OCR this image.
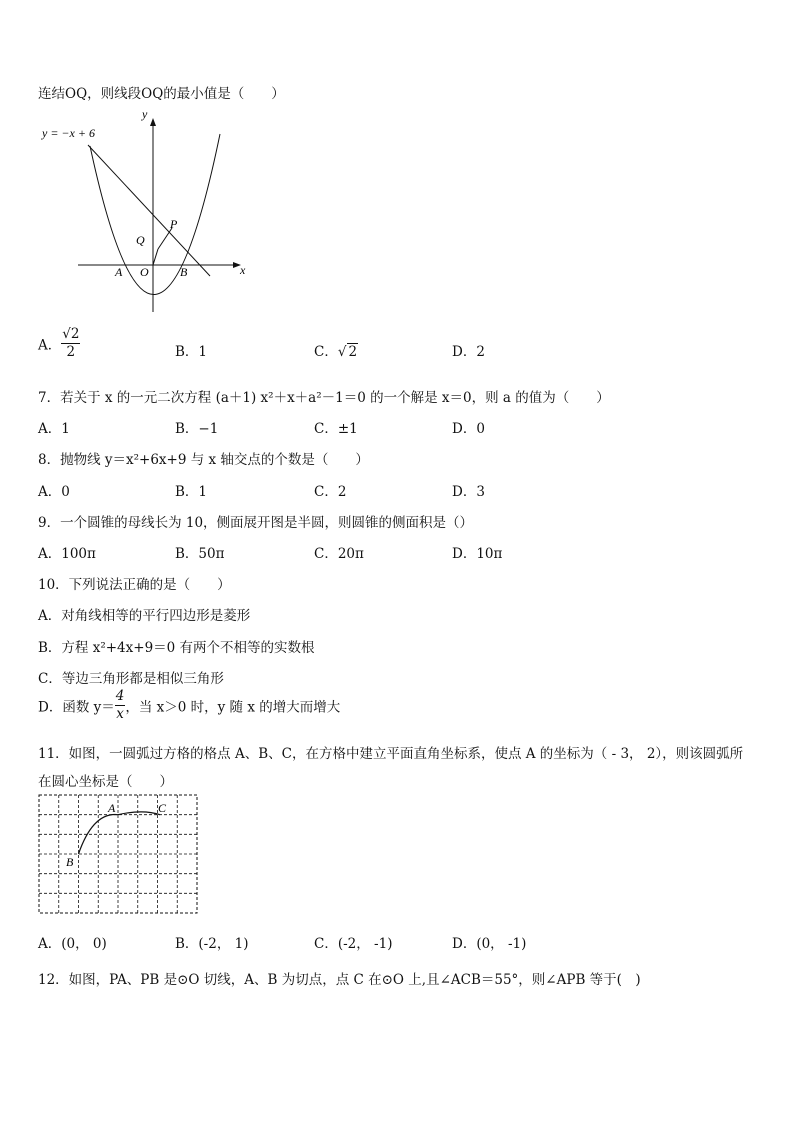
连结OQ，则线段OQ的最小值是（　　）
y = −x + 6
y
x
P
Q
A O	B
A． $\frac{√2}{2}$	B．1	C．√ 2	D．2
7．若关于 x 的一元二次方程 (a＋1) x²＋x＋a²－1＝0 的一个解是 x＝0，则 a 的值为（　　）
A．1	B．−1	C．±1	D．0
8．抛物线 y＝x²+6x+9 与 x 轴交点的个数是（　　）
A．0	B．1	C．2	D．3
9．一个圆锥的母线长为 10，侧面展开图是半圆，则圆锥的侧面积是（）
A．100π	B．50π	C．20π	D．10π
10．下列说法正确的是（　　）
A．对角线相等的平行四边形是菱形
B．方程 x²+4x+9＝0 有两个不相等的实数根
C．等边三角形都是相似三角形
D．函数 $y= \frac{4}{x}$ ，当 x＞0 时，y 随 x 的增大而增大
11．如图，一圆弧过方格的格点 A、B、C，在方格中建立平面直角坐标系，使点 A 的坐标为（ - 3， 2），则该圆弧所
在圆心坐标是（　　）
A
B
C
A．(0， 0)	B．(-2， 1)	C．(-2， -1)	D．(0， -1)
12．如图，PA、PB 是⊙O 切线，A、B 为切点，点 C 在⊙O 上,且∠ACB＝55°，则∠APB 等于(　)
